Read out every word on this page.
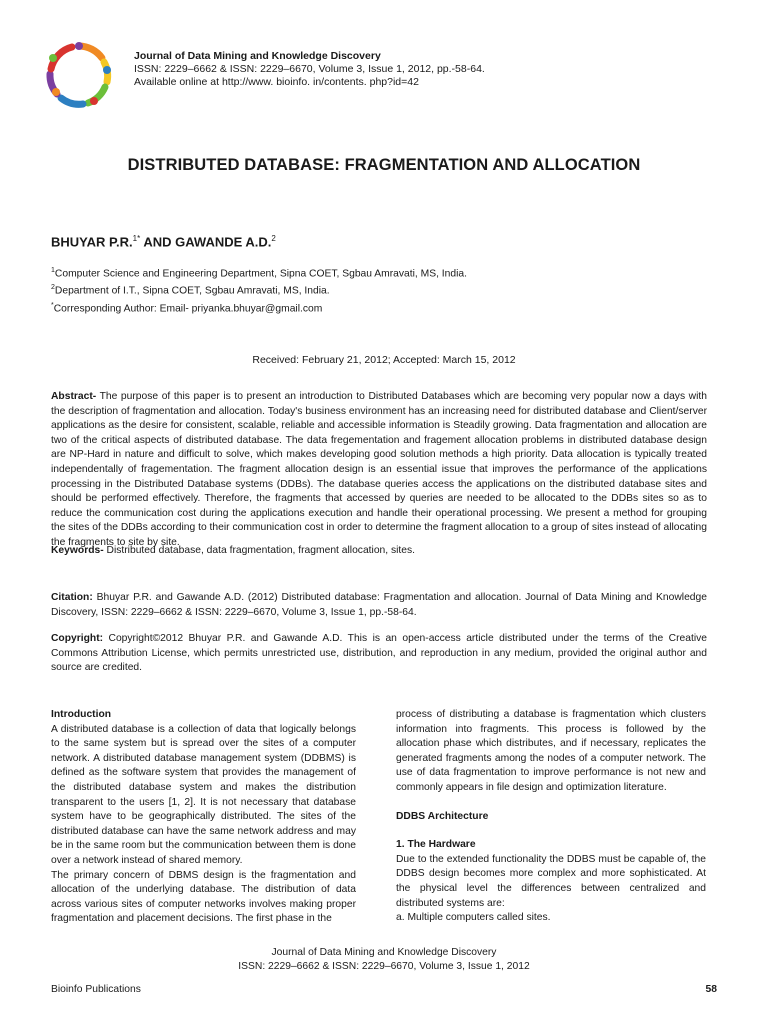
Journal of Data Mining and Knowledge Discovery
ISSN: 2229–6662 & ISSN: 2229–6670, Volume 3, Issue 1, 2012, pp.-58-64.
Available online at http://www. bioinfo. in/contents. php?id=42
DISTRIBUTED DATABASE: FRAGMENTATION AND ALLOCATION
BHUYAR P.R.$^{1*}$ AND GAWANDE A.D.$^2$
$^1$Computer Science and Engineering Department, Sipna COET, Sgbau Amravati, MS, India.
$^2$Department of I.T., Sipna COET, Sgbau Amravati, MS, India.
*Corresponding Author: Email- priyanka.bhuyar@gmail.com
Received: February 21, 2012; Accepted: March 15, 2012
Abstract- The purpose of this paper is to present an introduction to Distributed Databases which are becoming very popular now a days with the description of fragmentation and allocation. Today's business environment has an increasing need for distributed database and Client/server applications as the desire for consistent, scalable, reliable and accessible information is Steadily growing. Data fragmentation and allocation are two of the critical aspects of distributed database. The data fregementation and fragement allocation problems in distributed database design are NP-Hard in nature and difficult to solve, which makes developing good solution methods a high priority. Data allocation is typically treated independentally of fragementation. The fragment allocation design is an essential issue that improves the performance of the applications processing in the Distributed Database systems (DDBs). The database queries access the applications on the distributed database sites and should be performed effectively. Therefore, the fragments that accessed by queries are needed to be allocated to the DDBs sites so as to reduce the communication cost during the applications execution and handle their operational processing. We present a method for grouping the sites of the DDBs according to their communication cost in order to determine the fragment allocation to a group of sites instead of allocating the fragments to site by site.
Keywords- Distributed database, data fragmentation, fragment allocation, sites.
Citation: Bhuyar P.R. and Gawande A.D. (2012) Distributed database: Fragmentation and allocation. Journal of Data Mining and Knowledge Discovery, ISSN: 2229–6662 & ISSN: 2229–6670, Volume 3, Issue 1, pp.-58-64.
Copyright: Copyright©2012 Bhuyar P.R. and Gawande A.D. This is an open-access article distributed under the terms of the Creative Commons Attribution License, which permits unrestricted use, distribution, and reproduction in any medium, provided the original author and source are credited.

Introduction

A distributed database is a collection of data that logically belongs to the same system but is spread over the sites of a computer network. A distributed database management system (DDBMS) is defined as the software system that provides the management of the distributed database system and makes the distribution transparent to the users [1, 2]. It is not necessary that database system have to be geographically distributed. The sites of the distributed database can have the same network address and may be in the same room but the communication between them is done over a network instead of shared memory.

The primary concern of DBMS design is the fragmentation and allocation of the underlying database. The distribution of data across various sites of computer networks involves making proper fragmentation and placement decisions. The first phase in the

process of distributing a database is fragmentation which clusters information into fragments. This process is followed by the allocation phase which distributes, and if necessary, replicates the generated fragments among the nodes of a computer network. The use of data fragmentation to improve performance is not new and commonly appears in file design and optimization literature.

DDBS Architecture

1. The Hardware

Due to the extended functionality the DDBS must be capable of, the DDBS design becomes more complex and more sophisticated. At the physical level the differences between centralized and distributed systems are:

a. Multiple computers called sites.

Journal of Data Mining and Knowledge Discovery
ISSN: 2229–6662 & ISSN: 2229–6670, Volume 3, Issue 1, 2012
Bioinfo Publications	58
